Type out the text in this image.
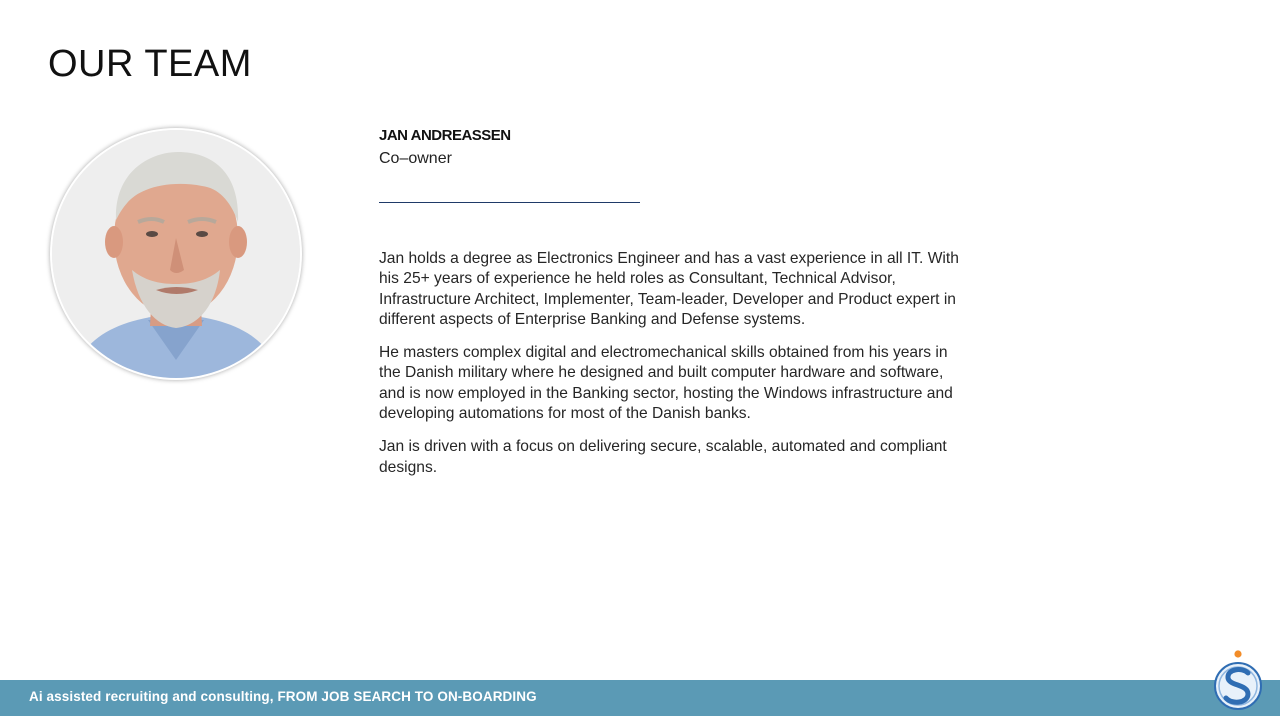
OUR TEAM
JAN ANDREASSEN
Co–owner

Jan holds a degree as Electronics Engineer and has a vast experience in all IT. With his 25+ years of experience he held roles as Consultant, Technical Advisor, Infrastructure Architect, Implementer, Team-leader, Developer and Product expert in different aspects of Enterprise Banking and Defense systems.

He masters complex digital and electromechanical skills obtained from his years in the Danish military where he designed and built computer hardware and software, and is now employed in the Banking sector, hosting the Windows infrastructure and developing automations for most of the Danish banks.

Jan is driven with a focus on delivering secure, scalable, automated and compliant designs.

Ai assisted recruiting and consulting, FROM JOB SEARCH TO ON-BOARDING
